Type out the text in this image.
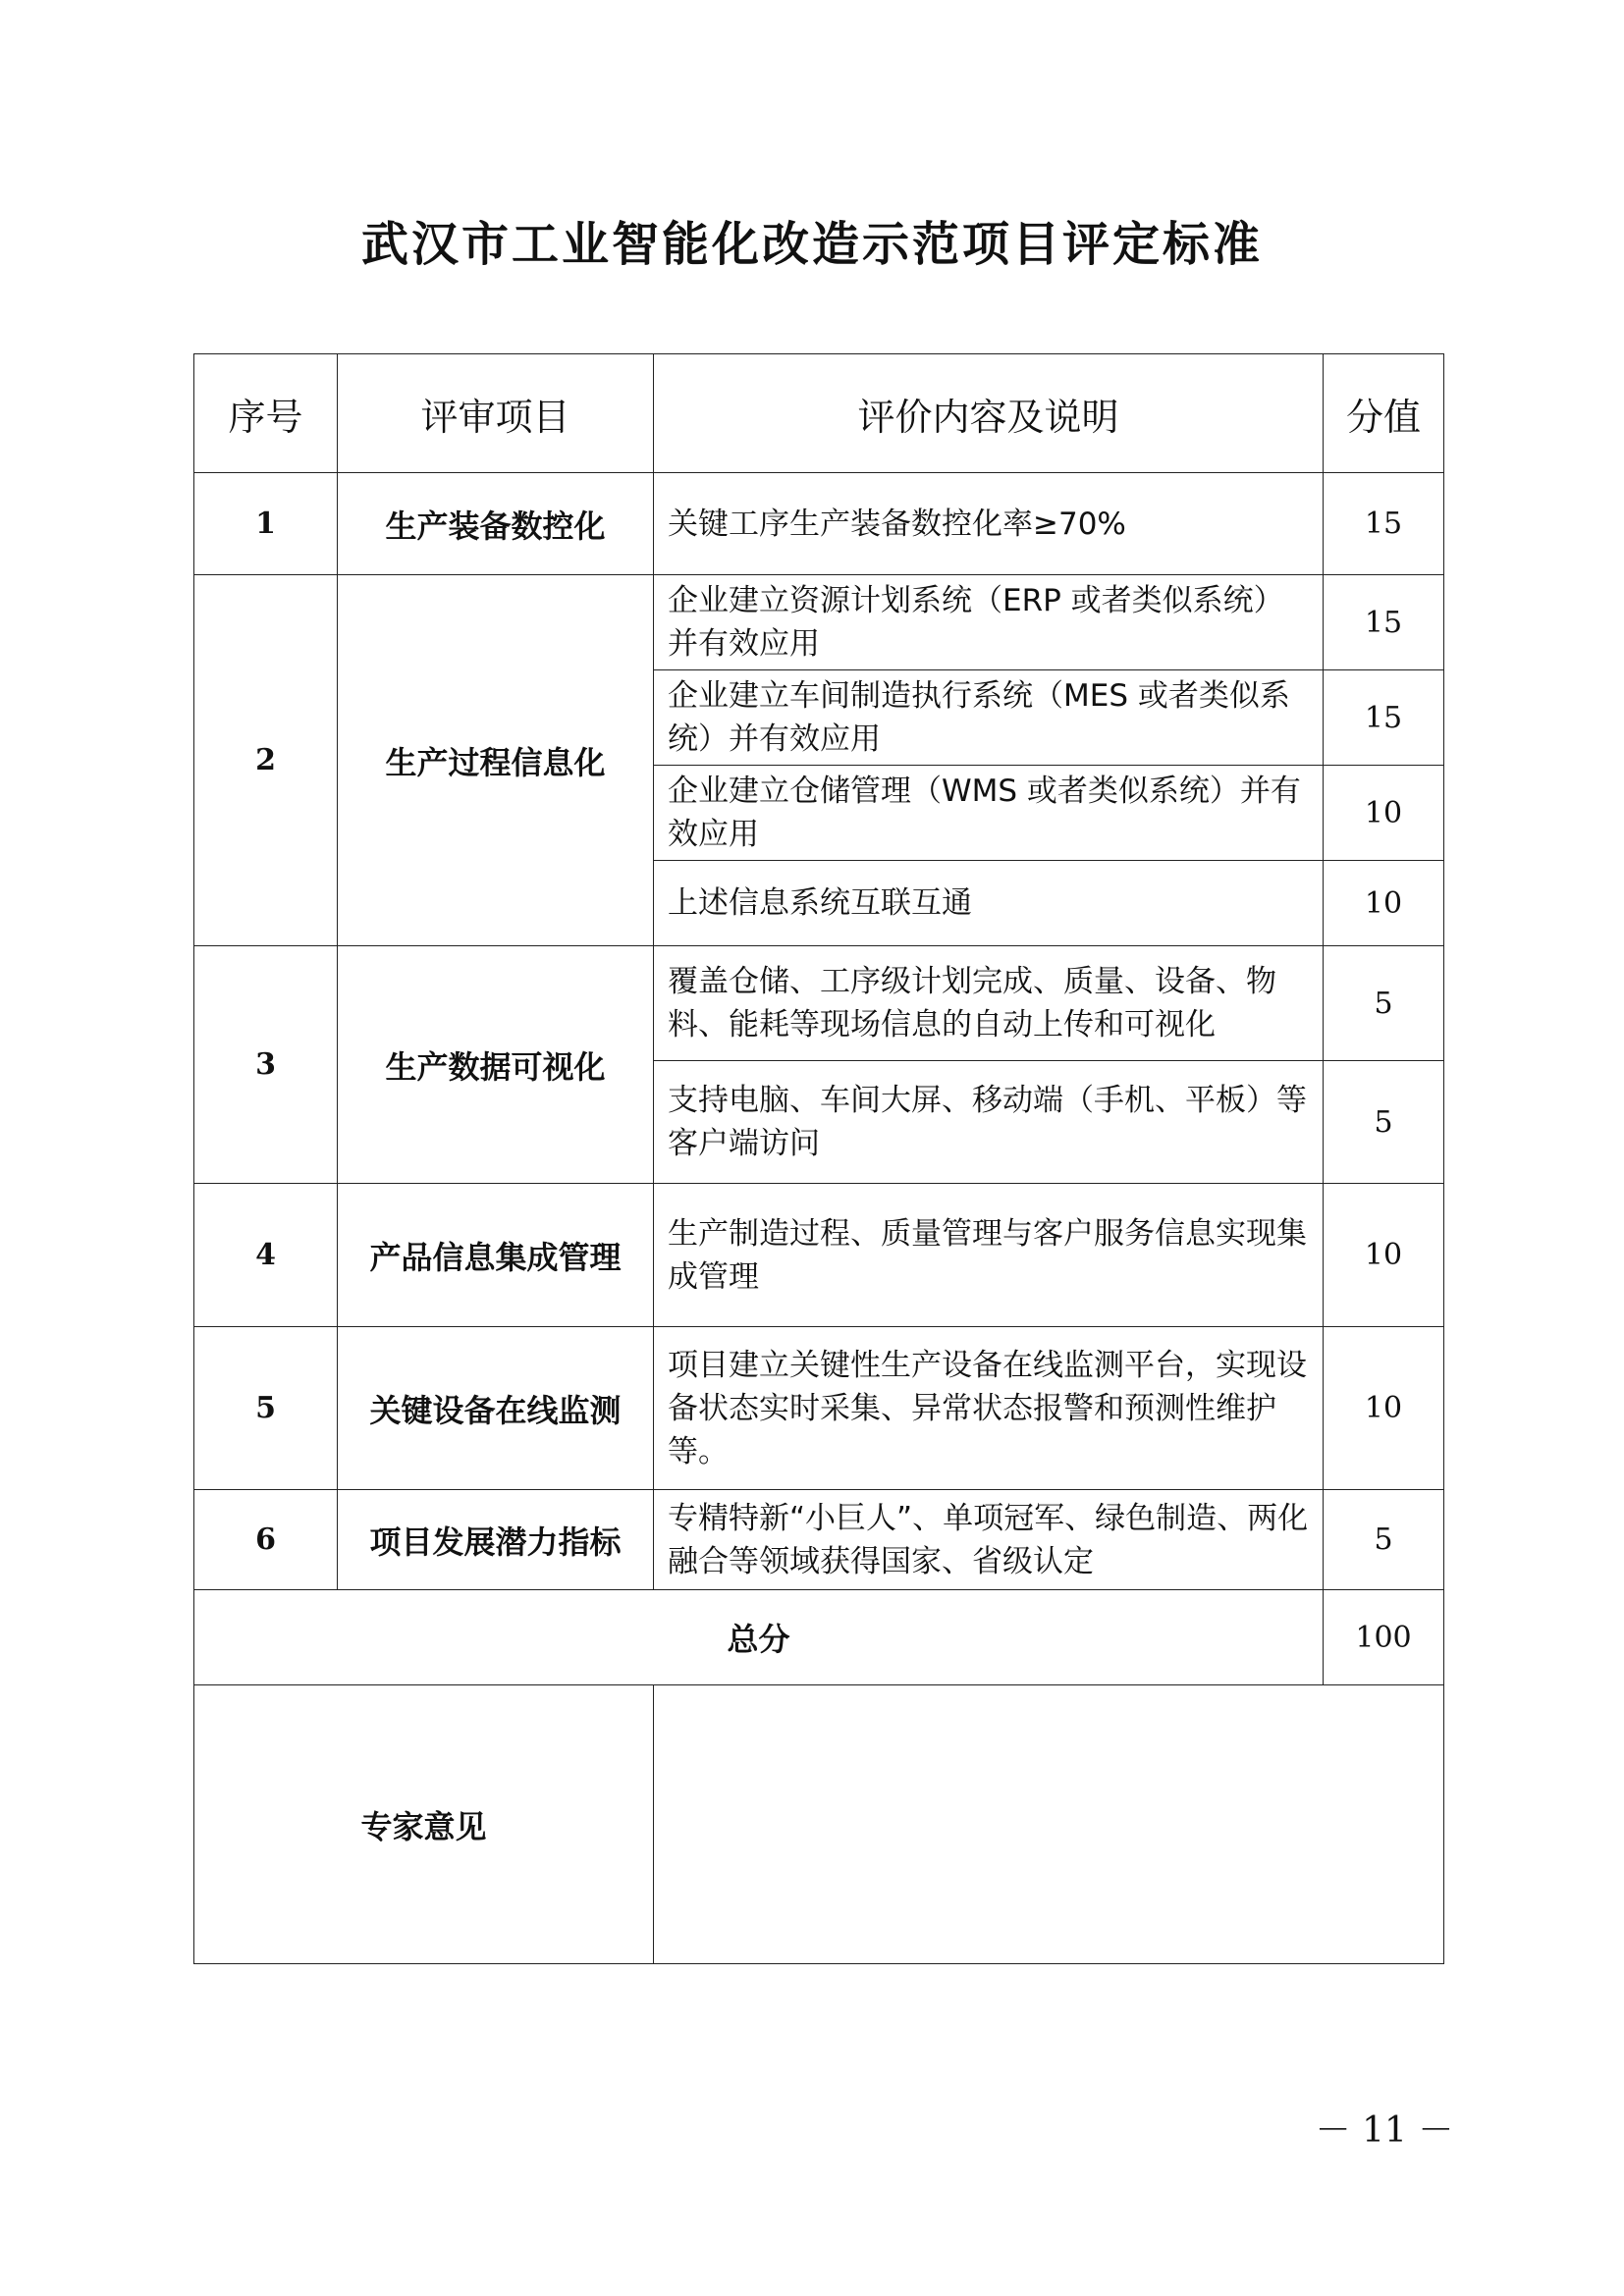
武汉市工业智能化改造示范项目评定标准
序号	评审项目	评价内容及说明	分值
1	生产装备数控化	关键工序生产装备数控化率≥70%	15
2	生产过程信息化	企业建立资源计划系统（ERP 或者类似系统）并有效应用	15
		企业建立车间制造执行系统（MES 或者类似系统）并有效应用	15
		企业建立仓储管理（WMS 或者类似系统）并有效应用	10
		上述信息系统互联互通	10
3	生产数据可视化	覆盖仓储、工序级计划完成、质量、设备、物料、能耗等现场信息的自动上传和可视化	5
		支持电脑、车间大屏、移动端（手机、平板）等客户端访问	5
4	产品信息集成管理	生产制造过程、质量管理与客户服务信息实现集成管理	10
5	关键设备在线监测	项目建立关键性生产设备在线监测平台，实现设备状态实时采集、异常状态报警和预测性维护等。	10
6	项目发展潜力指标	专精特新“小巨人”、单项冠军、绿色制造、两化融合等领域获得国家、省级认定	5
总分			100
专家意见			
－ 11 －
